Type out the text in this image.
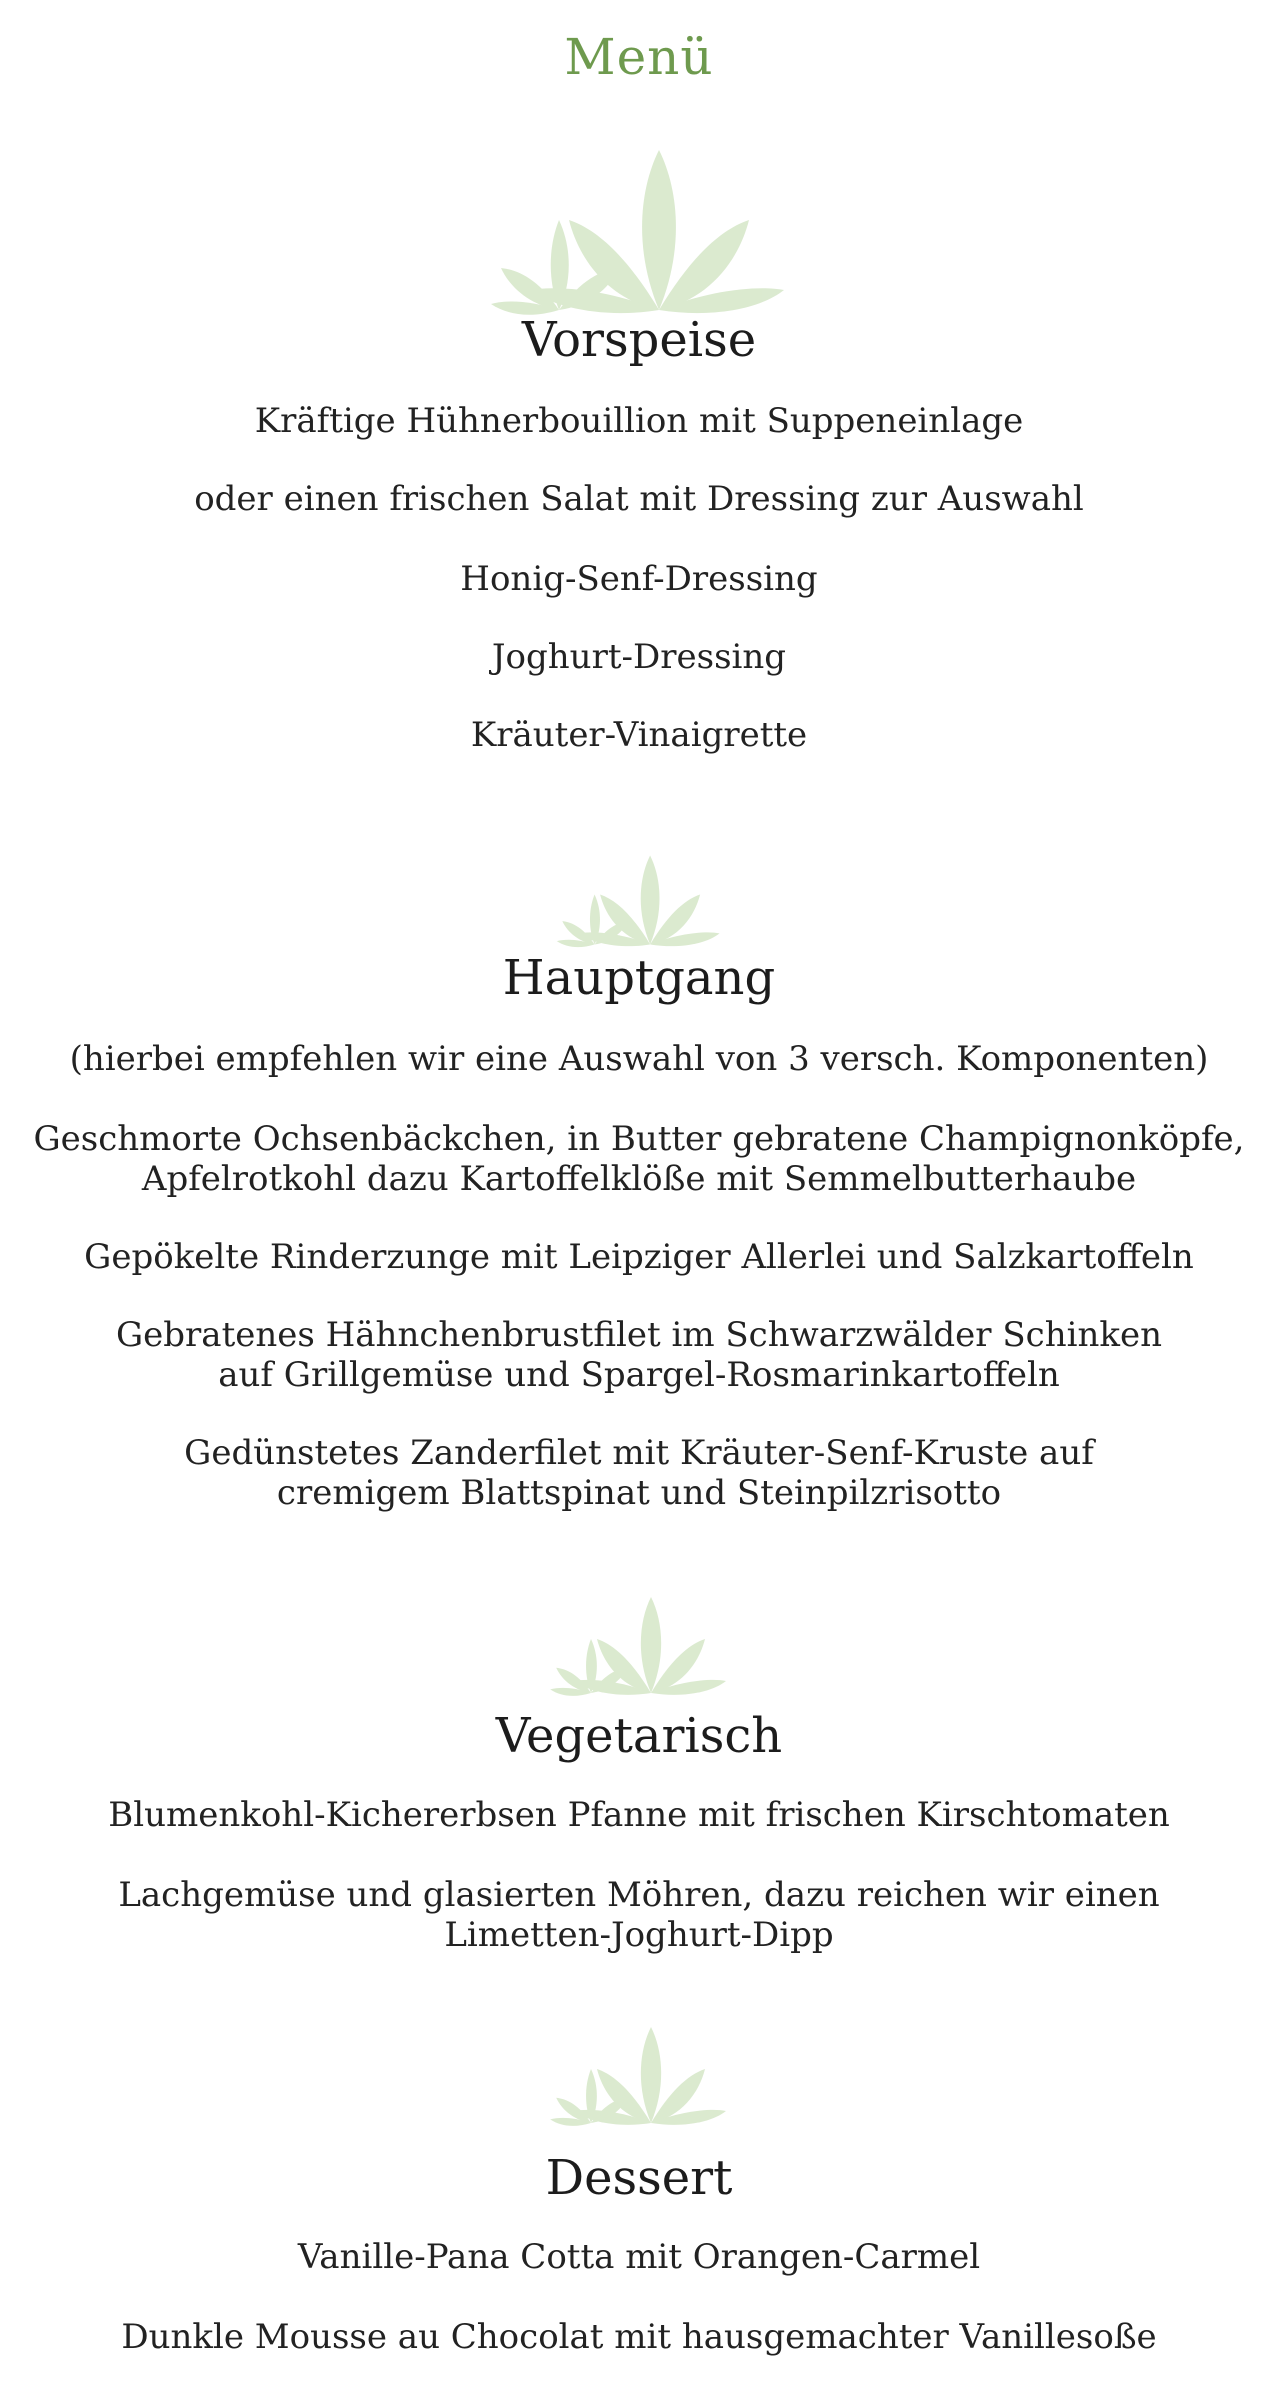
Menü
Vorspeise
Kräftige Hühnerbouillion mit Suppeneinlage
oder einen frischen Salat mit Dressing zur Auswahl
Honig-Senf-Dressing
Joghurt-Dressing
Kräuter-Vinaigrette
Hauptgang
(hierbei empfehlen wir eine Auswahl von 3 versch. Komponenten)
Geschmorte Ochsenbäckchen, in Butter gebratene Champignonköpfe,
Apfelrotkohl dazu Kartoffelklöße mit Semmelbutterhaube
Gepökelte Rinderzunge mit Leipziger Allerlei und Salzkartoffeln
Gebratenes Hähnchenbrustfilet im Schwarzwälder Schinken
auf Grillgemüse und Spargel-Rosmarinkartoffeln
Gedünstetes Zanderfilet mit Kräuter-Senf-Kruste auf
cremigem Blattspinat und Steinpilzrisotto
Vegetarisch
Blumenkohl-Kichererbsen Pfanne mit frischen Kirschtomaten
Lachgemüse und glasierten Möhren, dazu reichen wir einen
Limetten-Joghurt-Dipp
Dessert
Vanille-Pana Cotta mit Orangen-Carmel
Dunkle Mousse au Chocolat mit hausgemachter Vanillesoße
